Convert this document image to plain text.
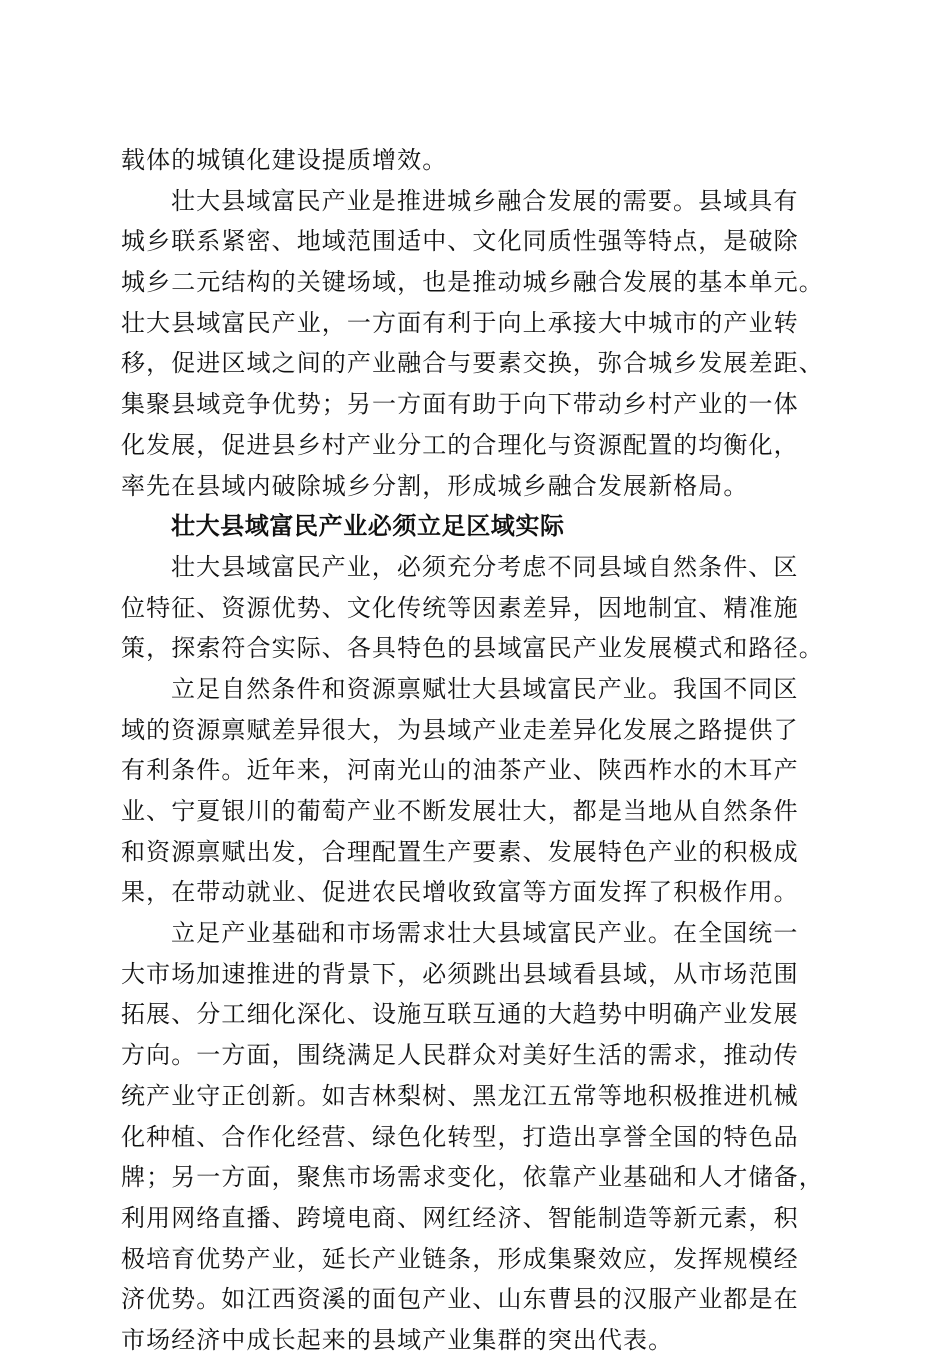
载体的城镇化建设提质增效。
壮大县域富民产业是推进城乡融合发展的需要。县域具有
城乡联系紧密、地域范围适中、文化同质性强等特点，是破除
城乡二元结构的关键场域，也是推动城乡融合发展的基本单元。
壮大县域富民产业，一方面有利于向上承接大中城市的产业转
移，促进区域之间的产业融合与要素交换，弥合城乡发展差距、
集聚县域竞争优势；另一方面有助于向下带动乡村产业的一体
化发展，促进县乡村产业分工的合理化与资源配置的均衡化，
率先在县域内破除城乡分割，形成城乡融合发展新格局。
壮大县域富民产业必须立足区域实际
壮大县域富民产业，必须充分考虑不同县域自然条件、区
位特征、资源优势、文化传统等因素差异，因地制宜、精准施
策，探索符合实际、各具特色的县域富民产业发展模式和路径。
立足自然条件和资源禀赋壮大县域富民产业。我国不同区
域的资源禀赋差异很大，为县域产业走差异化发展之路提供了
有利条件。近年来，河南光山的油茶产业、陕西柞水的木耳产
业、宁夏银川的葡萄产业不断发展壮大，都是当地从自然条件
和资源禀赋出发，合理配置生产要素、发展特色产业的积极成
果，在带动就业、促进农民增收致富等方面发挥了积极作用。
立足产业基础和市场需求壮大县域富民产业。在全国统一
大市场加速推进的背景下，必须跳出县域看县域，从市场范围
拓展、分工细化深化、设施互联互通的大趋势中明确产业发展
方向。一方面，围绕满足人民群众对美好生活的需求，推动传
统产业守正创新。如吉林梨树、黑龙江五常等地积极推进机械
化种植、合作化经营、绿色化转型，打造出享誉全国的特色品
牌；另一方面，聚焦市场需求变化，依靠产业基础和人才储备，
利用网络直播、跨境电商、网红经济、智能制造等新元素，积
极培育优势产业，延长产业链条，形成集聚效应，发挥规模经
济优势。如江西资溪的面包产业、山东曹县的汉服产业都是在
市场经济中成长起来的县域产业集群的突出代表。
